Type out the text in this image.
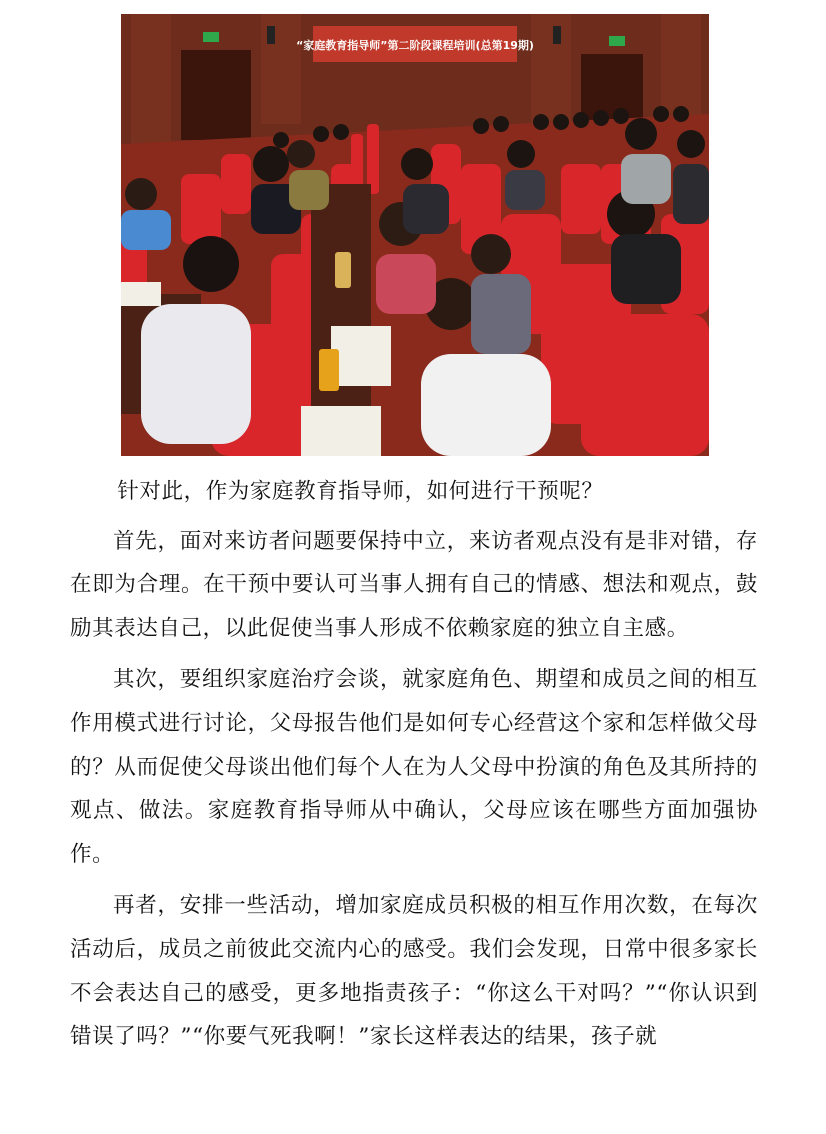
“家庭教育指导师”第二阶段课程培训(总第19期)

针对此，作为家庭教育指导师，如何进行干预呢？

首先，面对来访者问题要保持中立，来访者观点没有是非对错，存在即为合理。在干预中要认可当事人拥有自己的情感、想法和观点，鼓励其表达自己，以此促使当事人形成不依赖家庭的独立自主感。

其次，要组织家庭治疗会谈，就家庭角色、期望和成员之间的相互作用模式进行讨论，父母报告他们是如何专心经营这个家和怎样做父母的？从而促使父母谈出他们每个人在为人父母中扮演的角色及其所持的观点、做法。家庭教育指导师从中确认，父母应该在哪些方面加强协作。

再者，安排一些活动，增加家庭成员积极的相互作用次数，在每次活动后，成员之前彼此交流内心的感受。我们会发现，日常中很多家长不会表达自己的感受，更多地指责孩子：“你这么干对吗？”“你认识到错误了吗？”“你要气死我啊！”家长这样表达的结果，孩子就
